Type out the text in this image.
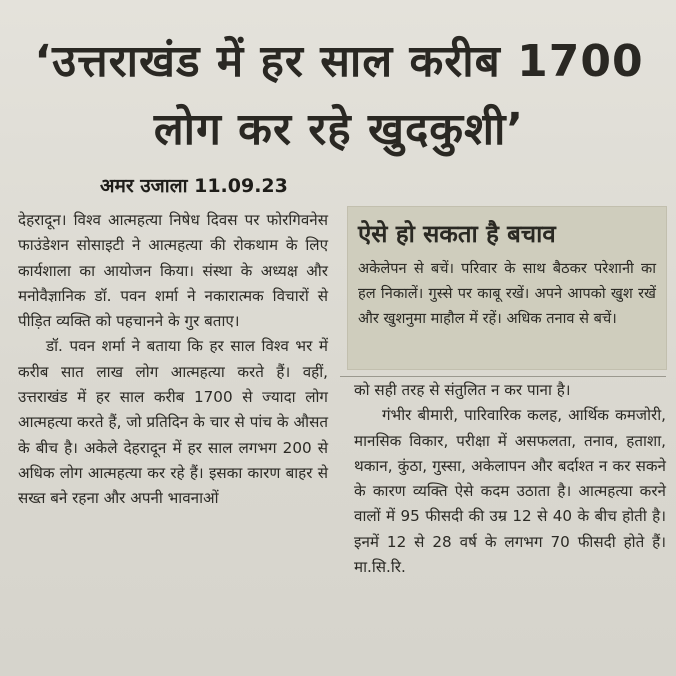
‘उत्तराखंड में हर साल करीब 1700 लोग कर रहे खुदकुशी’
अमर उजाला 11.09.23

देहरादून। विश्व आत्महत्या निषेध दिवस पर फोरगिवनेस फाउंडेशन सोसाइटी ने आत्महत्या की रोकथाम के लिए कार्यशाला का आयोजन किया। संस्था के अध्यक्ष और मनोवैज्ञानिक डॉ. पवन शर्मा ने नकारात्मक विचारों से पीड़ित व्यक्ति को पहचानने के गुर बताए।

डॉ. पवन शर्मा ने बताया कि हर साल विश्व भर में करीब सात लाख लोग आत्महत्या करते हैं। वहीं, उत्तराखंड में हर साल करीब 1700 से ज्यादा लोग आत्महत्या करते हैं, जो प्रतिदिन के चार से पांच के औसत के बीच है। अकेले देहरादून में हर साल लगभग 200 से अधिक लोग आत्महत्या कर रहे हैं। इसका कारण बाहर से सख्त बने रहना और अपनी भावनाओं

ऐसे हो सकता है बचाव

अकेलेपन से बचें। परिवार के साथ बैठकर परेशानी का हल निकालें। गुस्से पर काबू रखें। अपने आपको खुश रखें और खुशनुमा माहौल में रहें। अधिक तनाव से बचें।

को सही तरह से संतुलित न कर पाना है।

गंभीर बीमारी, पारिवारिक कलह, आर्थिक कमजोरी, मानसिक विकार, परीक्षा में असफलता, तनाव, हताशा, थकान, कुंठा, गुस्सा, अकेलापन और बर्दाश्त न कर सकने के कारण व्यक्ति ऐसे कदम उठाता है। आत्महत्या करने वालों में 95 फीसदी की उम्र 12 से 40 के बीच होती है। इनमें 12 से 28 वर्ष के लगभग 70 फीसदी होते हैं। मा.सि.रि.
